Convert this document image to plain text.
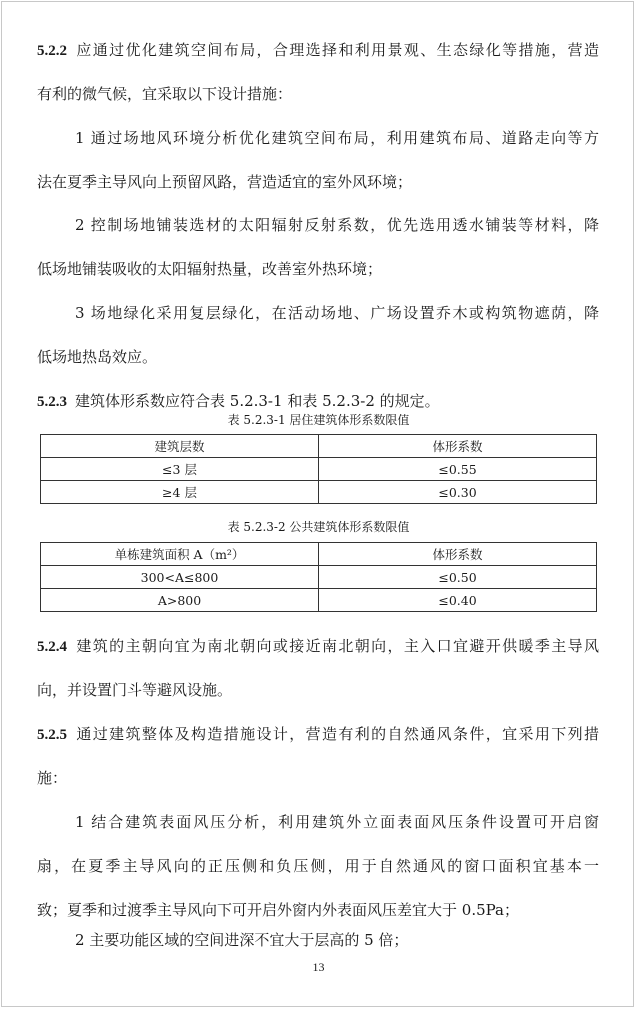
5.2.2 应通过优化建筑空间布局，合理选择和利用景观、生态绿化等措施，营造
有利的微气候，宜采取以下设计措施：
1 通过场地风环境分析优化建筑空间布局，利用建筑布局、道路走向等方
法在夏季主导风向上预留风路，营造适宜的室外风环境；
2 控制场地铺装选材的太阳辐射反射系数，优先选用透水铺装等材料，降
低场地铺装吸收的太阳辐射热量，改善室外热环境；
3 场地绿化采用复层绿化，在活动场地、广场设置乔木或构筑物遮荫，降
低场地热岛效应。
5.2.3 建筑体形系数应符合表 5.2.3-1 和表 5.2.3-2 的规定。
表 5.2.3-1 居住建筑体形系数限值
建筑层数	体形系数
≤3 层	≤0.55
≥4 层	≤0.30
表 5.2.3-2 公共建筑体形系数限值
单栋建筑面积 A（m²）	体形系数
300<A≤800	≤0.50
A>800	≤0.40
5.2.4 建筑的主朝向宜为南北朝向或接近南北朝向，主入口宜避开供暖季主导风
向，并设置门斗等避风设施。
5.2.5 通过建筑整体及构造措施设计，营造有利的自然通风条件，宜采用下列措
施：
1 结合建筑表面风压分析，利用建筑外立面表面风压条件设置可开启窗
扇，在夏季主导风向的正压侧和负压侧，用于自然通风的窗口面积宜基本一
致；夏季和过渡季主导风向下可开启外窗内外表面风压差宜大于 0.5Pa；
2 主要功能区域的空间进深不宜大于层高的 5 倍；
13
